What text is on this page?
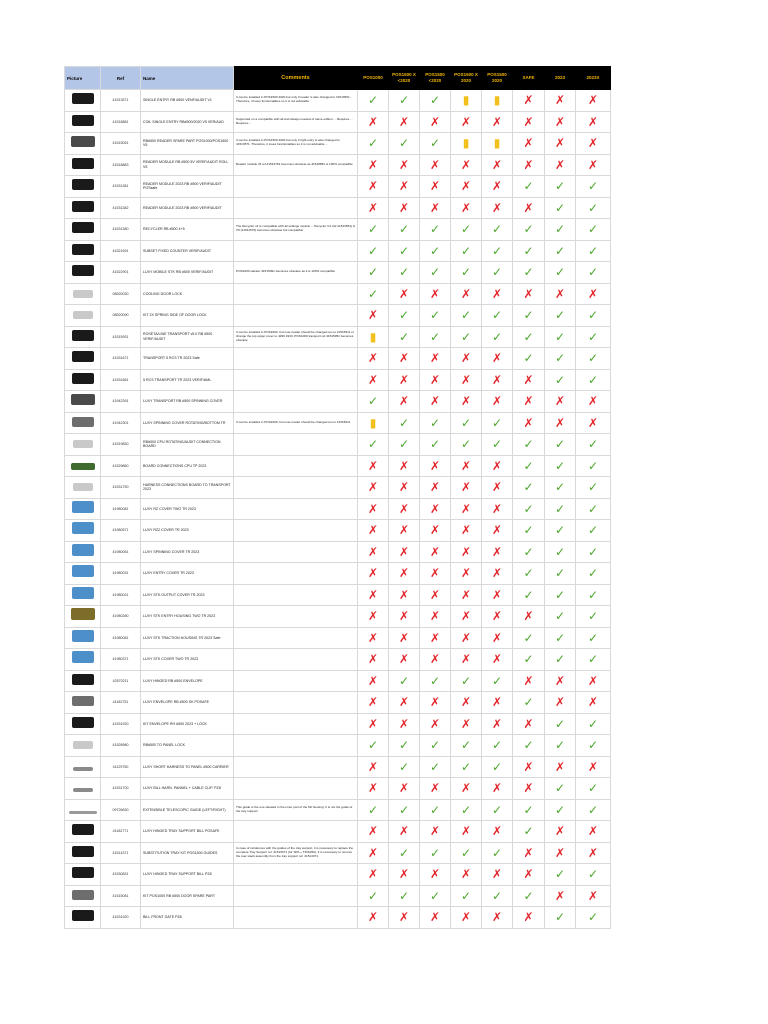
Picture	Ref	Name	Comments	POS1000	POS1500 X <2020	POS1500 <2020	POS1500 X 2020	POS1500 2020	SAFE	2023	2023X
	41513571	SINGLE ENTRY RB #500 VENF/AUDIT V1	It can be installed in POS1500 2020 but only if reader is also changed to 41513551. Therefore, it loses functionalities so it is not advisable	✓	✓	✓	▮	▮	✗	✗	✗
	41518881	COIL SINGLE ENTRY RB#500/2020 V5 VER/AUD	Supported on a compatible with all and always needed of same edition ... Requires ... Requires ...	✗	✗	✗	✗	✗	✗	✗	✗
	41515051	RB#500 READER SPARE PART POS1000/POS1500 V5	It can be installed in POS1500 2020 but only if right entry is also changed to 41513571. Therefore, it loses functionalities so it is not advisable ...	✓	✓	✓	▮	▮	✗	✗	✗
	41518883	READER MODULE RB #500 5V VERIF/AUDIT ROLL V5	Reader module v5 ref.41519781 becomes obsolete as 41518881 is 100% compatible	✗	✗	✗	✗	✗	✗	✗	✗
	41531381	READER MODULE 2023 RB #500 VERIF/AUDIT POSsafe		✗	✗	✗	✗	✗	✓	✓	✓
	41531382	READER MODULE 2023 RB #500 VERIF/AUDIT		✗	✗	✗	✗	✗	✗	✓	✓
	41531380	RECYCLER RB #500 4+5	The Recycler v4 is compatible with all settings models ... Recycler V4 (ref.41513551) & V5 (41511570) becomes obsolete but compatible	✓	✓	✓	✓	✓	✓	✓	✓
	41521591	SUBSET FIXED COUNTER VERIF/AUDIT		✓	✓	✓	✓	✓	✓	✓	✓
	41522901	LUXY MOBILE STK RB #500 VERIF/AUDIT	POS1000 stacker 41515091 becomes obsolete as it is 100% compatible	✓	✓	✓	✓	✓	✓	✓	✓
	08520030	COOLING DOOR LOCK		✓	✗	✗	✗	✗	✗	✗	✗
	08520090	KIT 2X SPRING SIDE OF DOOR LOCK		✗	✓	✓	✓	✓	✓	✓	✓
	41515931	ROSETA/LINE TRANSPORT v5.0 RB #500 VERIF/AUDIT	It can be installed in POS1000, but note reader should be changed too to 41515911 or change the top upper cover to 4296 1933. POS1000 transport ref.41515951 becomes obsolete	▮	✓	✓	✓	✓	✓	✓	✓
	41531671	TRANSPORT 5 RCS TR 2023 Safe		✗	✗	✗	✗	✗	✓	✓	✓
	41531661	5 RCS TRANSPORT TR 2023 VERIF/AML		✗	✗	✗	✗	✗	✗	✓	✓
	41942391	LUXY TRANSPORT RB #500 SPINNING COVER		✓	✗	✗	✗	✗	✗	✗	✗
	41942301	LUXY SPINNING COVER ROTATING/BOTTOM TR	It can be installed in POS1000, but note reader should be changed too to 41515911	▮	✓	✓	✓	✓	✗	✗	✗
	41519830	RB#500 CPU ROTATING/AUDIT CONNECTION BOARD		✓	✓	✓	✓	✓	✓	✓	✓
	41529860	BOARD CONNECTIONS CPU TP 2023		✗	✗	✗	✗	✗	✓	✓	✓
	41531750	HARNESS CONNECTIONS BOARD TO TRANSPORT 2023		✗	✗	✗	✗	✗	✓	✓	✓
	41980081	LUXY RZ COVER TWO TR 2023		✗	✗	✗	✗	✗	✓	✓	✓
	41980571	LUXY RZ2 COVER TR 2023		✗	✗	✗	✗	✗	✓	✓	✓
	41980061	LUXY SPINNING COVER TR 2023		✗	✗	✗	✗	✗	✓	✓	✓
	41980031	LUXY ENTRY COVER TR 2023		✗	✗	✗	✗	✗	✓	✓	✓
	41980021	LUXY STK OUTPUT COVER TR 2023		✗	✗	✗	✗	✗	✓	✓	✓
	41980280	LUXY STK ENTRY HOUSING TWO TR 2023		✗	✗	✗	✗	✗	✗	✓	✓
	41980081	LUXY STK TRACTION HOUSING TR 2023 Safe		✗	✗	✗	✗	✗	✓	✓	✓
	41980371	LUXY STK COVER TWO TR 2023		✗	✗	✗	✗	✗	✓	✓	✓
	42570211	LUXY HINGED RB #500 ENVELOPE		✗	✓	✓	✓	✓	✗	✗	✗
	41182751	LUXY ENVELOPE RB #500 SK POSAFE		✗	✗	✗	✗	✗	✓	✗	✗
	41531920	KIT ENVELOPE RH #500 2023 + LOCK		✗	✗	✗	✗	✗	✗	✓	✓
	41528980	RB#500 TO PANEL LOCK		✓	✓	✓	✓	✓	✓	✓	✓
	41129750	LUXY SHORT HARNESS TO PANEL #500 CARRIER		✗	✓	✓	✓	✓	✗	✗	✗
	41531700	LUXY BILL HARN. PANNEL + CABLE CLIP. PZ8		✗	✗	✗	✗	✗	✗	✓	✓
	09726630	EXTENSIBLE TELESCOPIC GUIDE (LEFT/RIGHT)	This guide is the one situated in the inner part of the bill housing. It is not the guide of the tray support.	✓	✓	✓	✓	✓	✓	✓	✓
	41182771	LUXY HINGED TRAY SUPPORT BILL POSAFE		✗	✗	✗	✗	✗	✓	✗	✗
	41514371	SUBSTITUTION TRAY KIT POS1500 GUIDES	In case of incidences with the guides of the tray support, it is necessary to replace the complete Tray Support ref. 41515371 (for SPA + TIDS450). It is necessary to remove the rear stack assembly from the tray support ref. 41514371.	✗	✓	✓	✓	✓	✗	✗	✗
	41530831	LUXY HINGED TRAY SUPPORT BILL PZ8		✗	✗	✗	✗	✗	✗	✓	✓
	41515081	KIT POS1000 RB #500 DOOR SPARE PART		✓	✓	✓	✓	✓	✓	✗	✗
	41531920	BILL FRONT GATE PZ8		✗	✗	✗	✗	✗	✗	✓	✓
